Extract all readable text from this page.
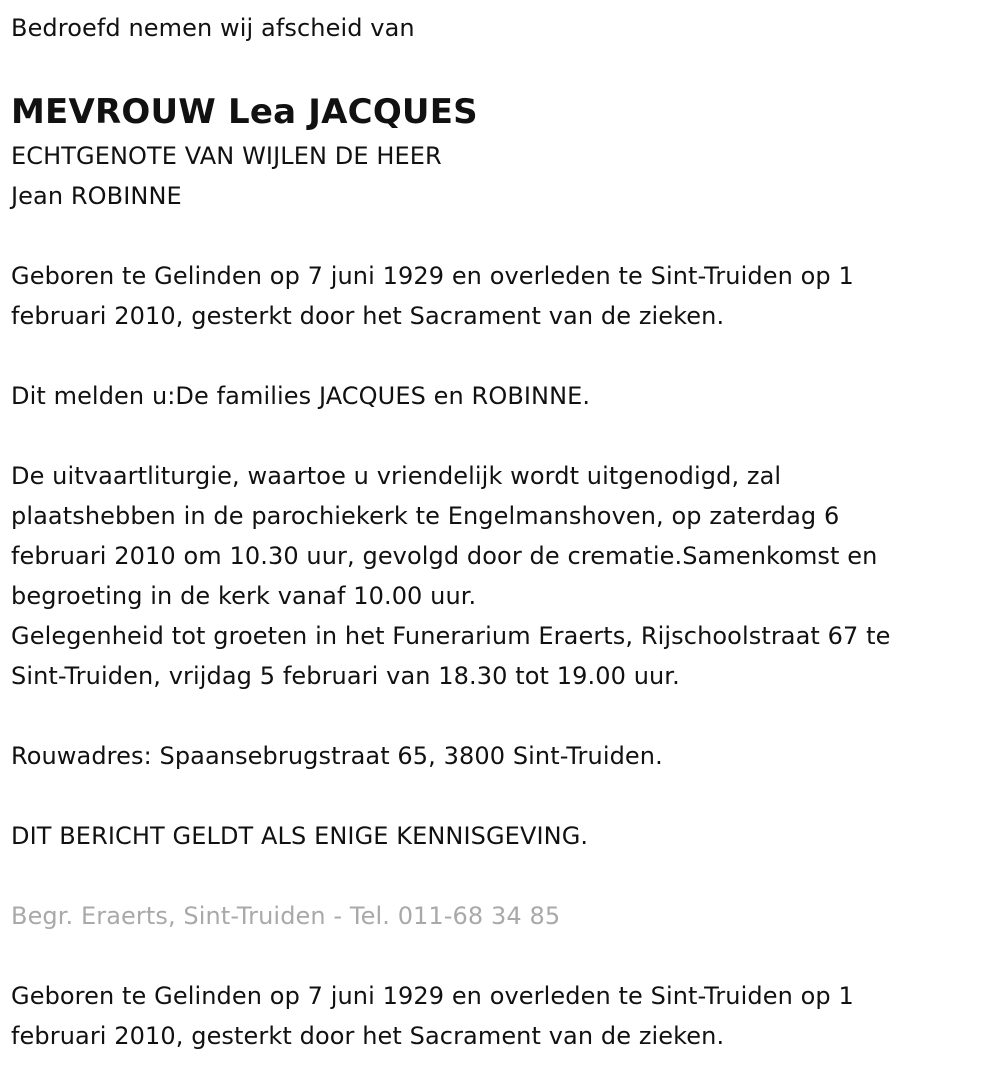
Bedroefd nemen wij afscheid van

MEVROUW Lea JACQUES

ECHTGENOTE VAN WIJLEN DE HEER

Jean ROBINNE

Geboren te Gelinden op 7 juni 1929 en overleden te Sint-Truiden op 1

februari 2010, gesterkt door het Sacrament van de zieken.

Dit melden u:De families JACQUES en ROBINNE.

De uitvaartliturgie, waartoe u vriendelijk wordt uitgenodigd, zal

plaatshebben in de parochiekerk te Engelmanshoven, op zaterdag 6

februari 2010 om 10.30 uur, gevolgd door de crematie.Samenkomst en

begroeting in de kerk vanaf 10.00 uur.

Gelegenheid tot groeten in het Funerarium Eraerts, Rijschoolstraat 67 te

Sint-Truiden, vrijdag 5 februari van 18.30 tot 19.00 uur.

Rouwadres: Spaansebrugstraat 65, 3800 Sint-Truiden.

DIT BERICHT GELDT ALS ENIGE KENNISGEVING.

Begr. Eraerts, Sint-Truiden - Tel. 011-68 34 85

Geboren te Gelinden op 7 juni 1929 en overleden te Sint-Truiden op 1

februari 2010, gesterkt door het Sacrament van de zieken.
